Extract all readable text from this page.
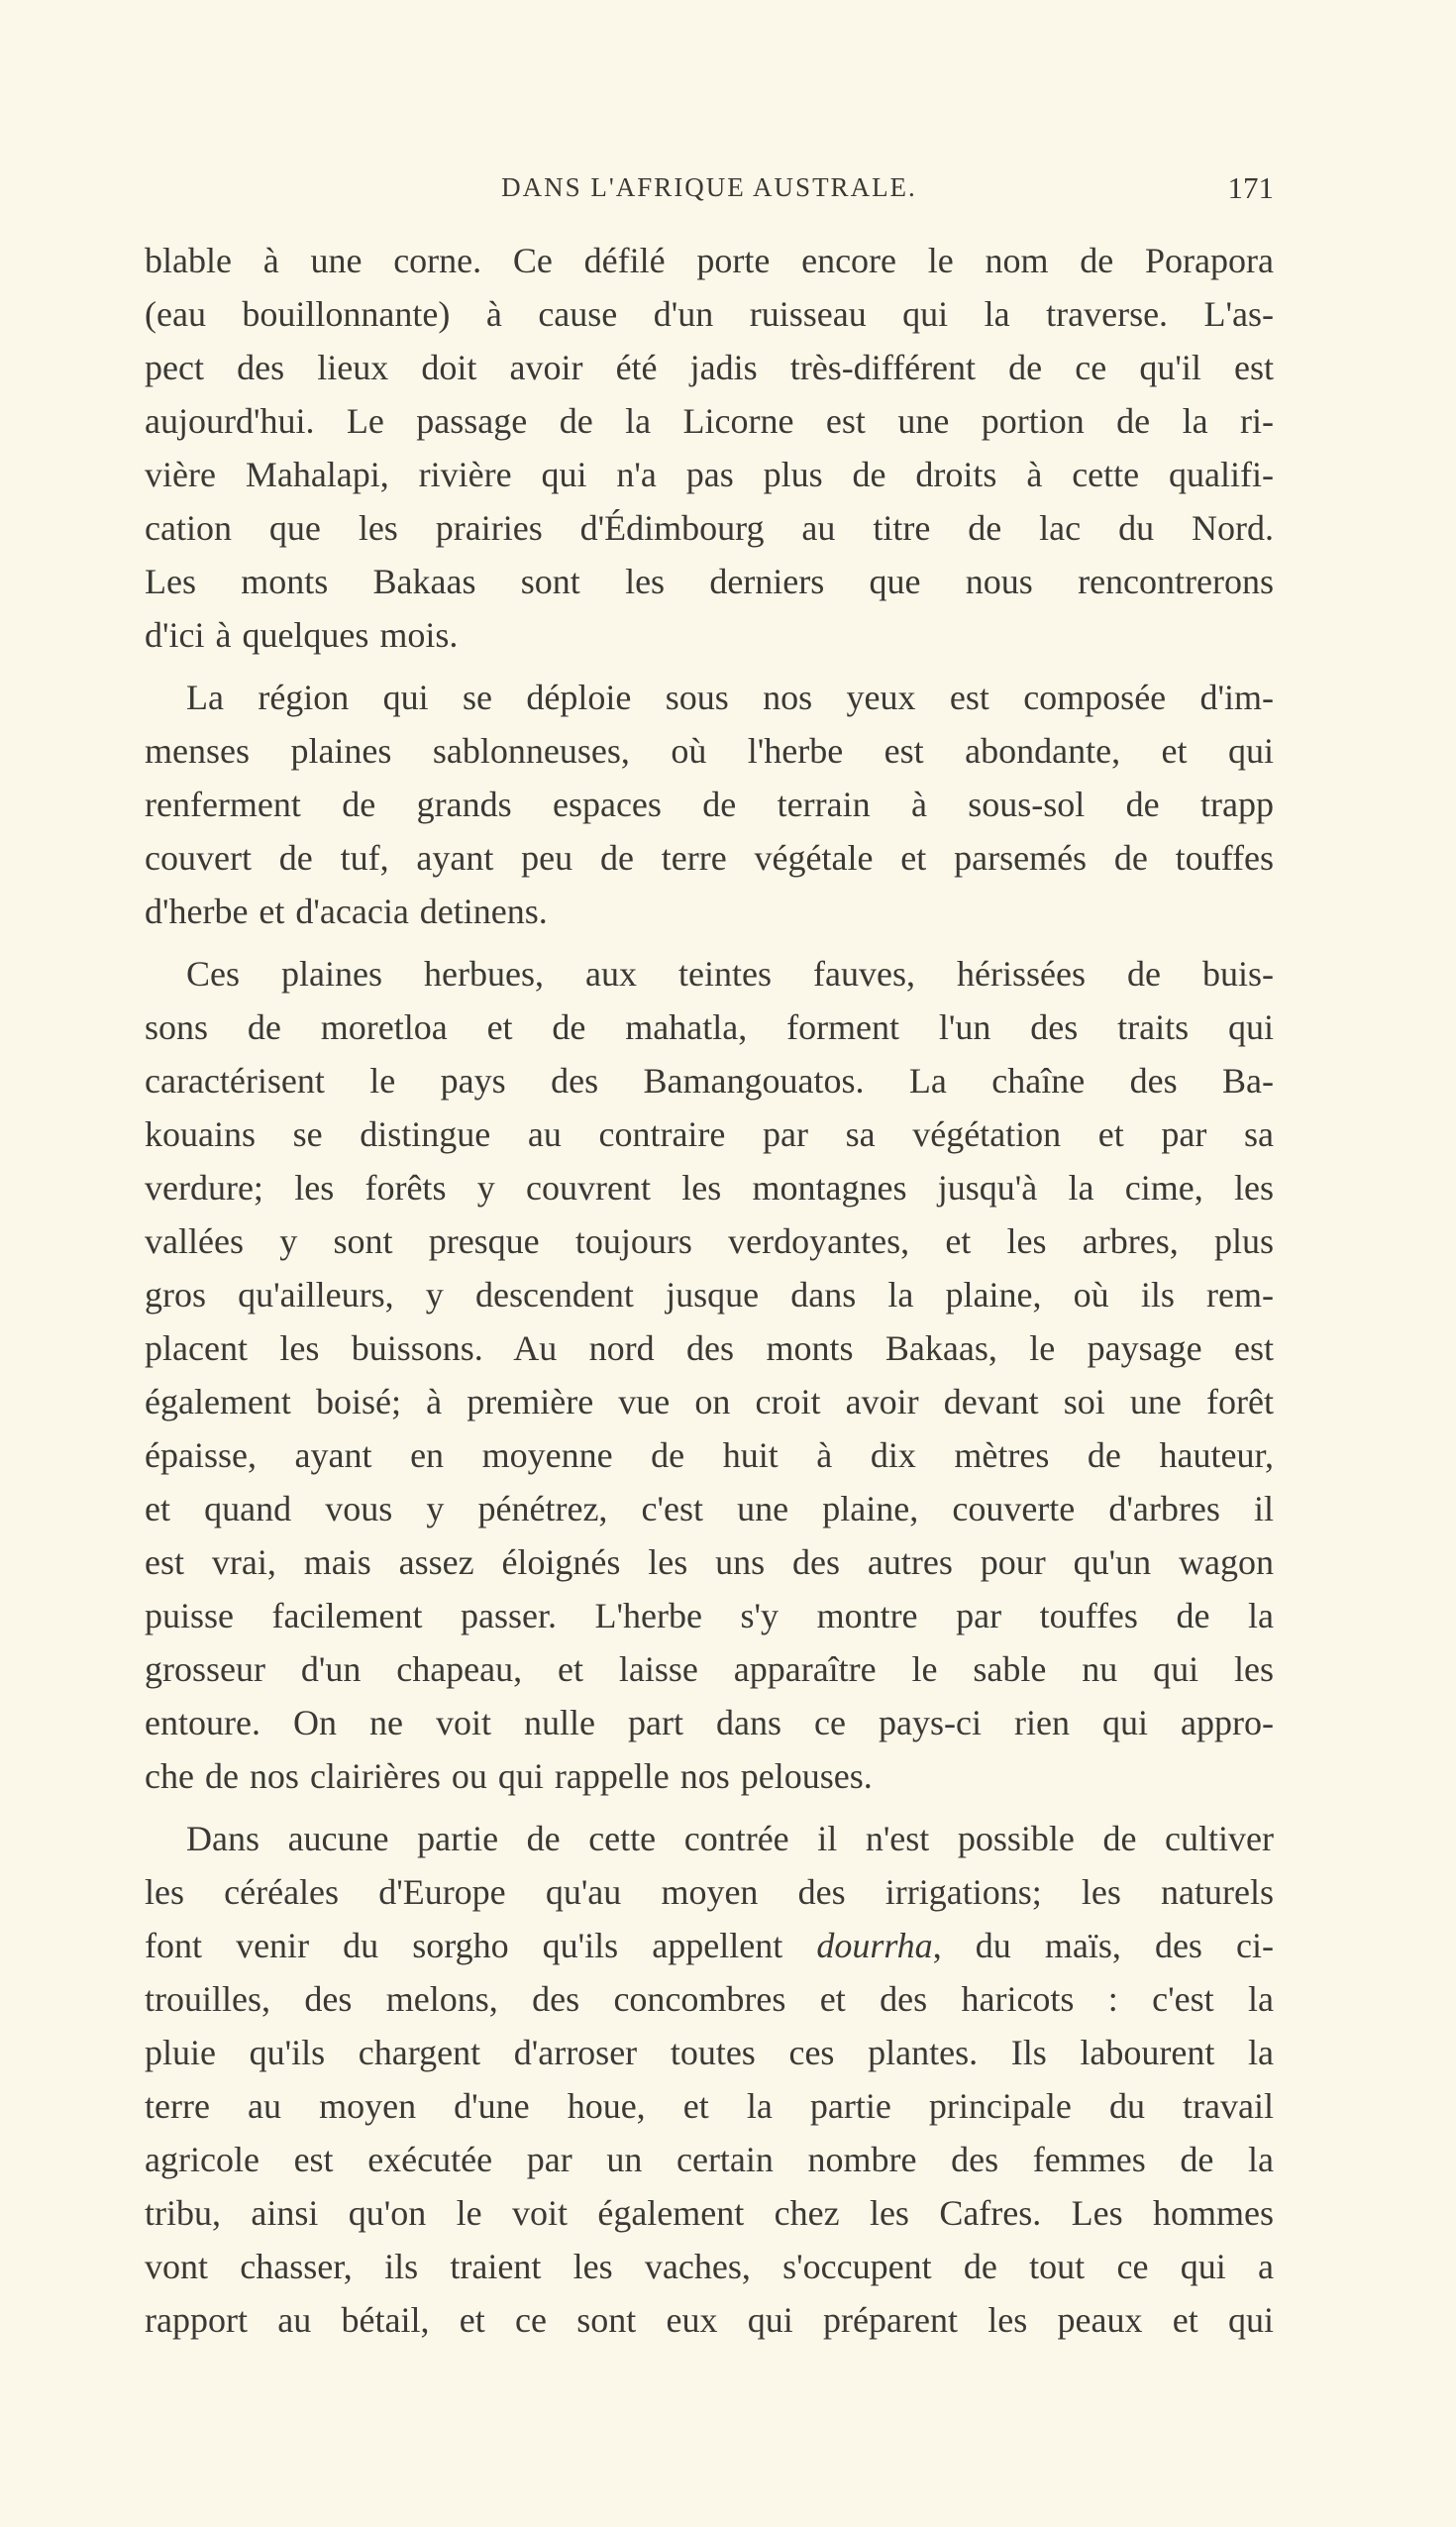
DANS L'AFRIQUE AUSTRALE.	171
blable à une corne. Ce défilé porte encore le nom de Porapora
(eau bouillonnante) à cause d'un ruisseau qui la traverse. L'as-
pect des lieux doit avoir été jadis très-différent de ce qu'il est
aujourd'hui. Le passage de la Licorne est une portion de la ri-
vière Mahalapi, rivière qui n'a pas plus de droits à cette qualifi-
cation que les prairies d'Édimbourg au titre de lac du Nord.
Les monts Bakaas sont les derniers que nous rencontrerons
d'ici à quelques mois.
La région qui se déploie sous nos yeux est composée d'im-
menses plaines sablonneuses, où l'herbe est abondante, et qui
renferment de grands espaces de terrain à sous-sol de trapp
couvert de tuf, ayant peu de terre végétale et parsemés de touffes
d'herbe et d'acacia detinens.
Ces plaines herbues, aux teintes fauves, hérissées de buis-
sons de moretloa et de mahatla, forment l'un des traits qui
caractérisent le pays des Bamangouatos. La chaîne des Ba-
kouains se distingue au contraire par sa végétation et par sa
verdure; les forêts y couvrent les montagnes jusqu'à la cime, les
vallées y sont presque toujours verdoyantes, et les arbres, plus
gros qu'ailleurs, y descendent jusque dans la plaine, où ils rem-
placent les buissons. Au nord des monts Bakaas, le paysage est
également boisé; à première vue on croit avoir devant soi une forêt
épaisse, ayant en moyenne de huit à dix mètres de hauteur,
et quand vous y pénétrez, c'est une plaine, couverte d'arbres il
est vrai, mais assez éloignés les uns des autres pour qu'un wagon
puisse facilement passer. L'herbe s'y montre par touffes de la
grosseur d'un chapeau, et laisse apparaître le sable nu qui les
entoure. On ne voit nulle part dans ce pays-ci rien qui appro-
che de nos clairières ou qui rappelle nos pelouses.
Dans aucune partie de cette contrée il n'est possible de cultiver
les céréales d'Europe qu'au moyen des irrigations; les naturels
font venir du sorgho qu'ils appellent dourrha, du maïs, des ci-
trouilles, des melons, des concombres et des haricots : c'est la
pluie qu'ils chargent d'arroser toutes ces plantes. Ils labourent la
terre au moyen d'une houe, et la partie principale du travail
agricole est exécutée par un certain nombre des femmes de la
tribu, ainsi qu'on le voit également chez les Cafres. Les hommes
vont chasser, ils traient les vaches, s'occupent de tout ce qui a
rapport au bétail, et ce sont eux qui préparent les peaux et qui
